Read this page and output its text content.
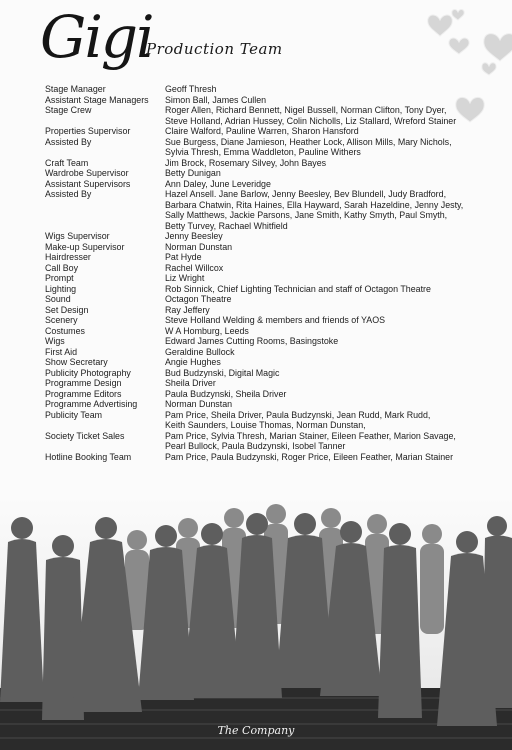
Gigi
Production Team
Stage Manager	Geoff Thresh
Assistant Stage Managers	Simon Ball, James Cullen
Stage Crew	Roger Allen, Richard Bennett, Nigel Bussell, Norman Clifton, Tony Dyer,
Steve Holland, Adrian Hussey, Colin Nicholls, Liz Stallard, Wreford Stainer
Properties Supervisor	Claire Walford, Pauline Warren, Sharon Hansford
Assisted By	Sue Burgess, Diane Jamieson, Heather Lock, Allison Mills, Mary Nichols,
Sylvia Thresh, Emma Waddleton, Pauline Withers
Craft Team	Jim Brock, Rosemary Silvey, John Bayes
Wardrobe Supervisor	Betty Dunigan
Assistant Supervisors	Ann Daley, June Leveridge
Assisted By	Hazel Ansell. Jane Barlow, Jenny Beesley, Bev Blundell, Judy Bradford,
Barbara Chatwin, Rita Haines, Ella Hayward, Sarah Hazeldine, Jenny Jesty,
Sally Matthews, Jackie Parsons, Jane Smith, Kathy Smyth, Paul Smyth,
Betty Turvey, Rachael Whitfield
Wigs Supervisor	Jenny Beesley
Make-up Supervisor	Norman Dunstan
Hairdresser	Pat Hyde
Call Boy	Rachel Willcox
Prompt	Liz Wright
Lighting	Rob Sinnick, Chief Lighting Technician and staff of Octagon Theatre
Sound	Octagon Theatre
Set Design	Ray Jeffery
Scenery	Steve Holland Welding & members and friends of YAOS
Costumes	W A Homburg, Leeds
Wigs	Edward James Cutting Rooms, Basingstoke
First Aid	Geraldine Bullock
Show Secretary	Angie Hughes
Publicity Photography	Bud Budzynski, Digital Magic
Programme Design	Sheila Driver
Programme Editors	Paula Budzynski, Sheila Driver
Programme Advertising	Norman Dunstan
Publicity Team	Pam Price, Sheila Driver, Paula Budzynski, Jean Rudd, Mark Rudd,
Keith Saunders, Louise Thomas, Norman Dunstan,
Society Ticket Sales	Pam Price, Sylvia Thresh, Marian Stainer, Eileen Feather, Marion Savage,
Pearl Bullock, Paula Budzynski, Isobel Tanner
Hotline Booking Team	Pam Price, Paula Budzynski, Roger Price, Eileen Feather, Marian Stainer
The Company
